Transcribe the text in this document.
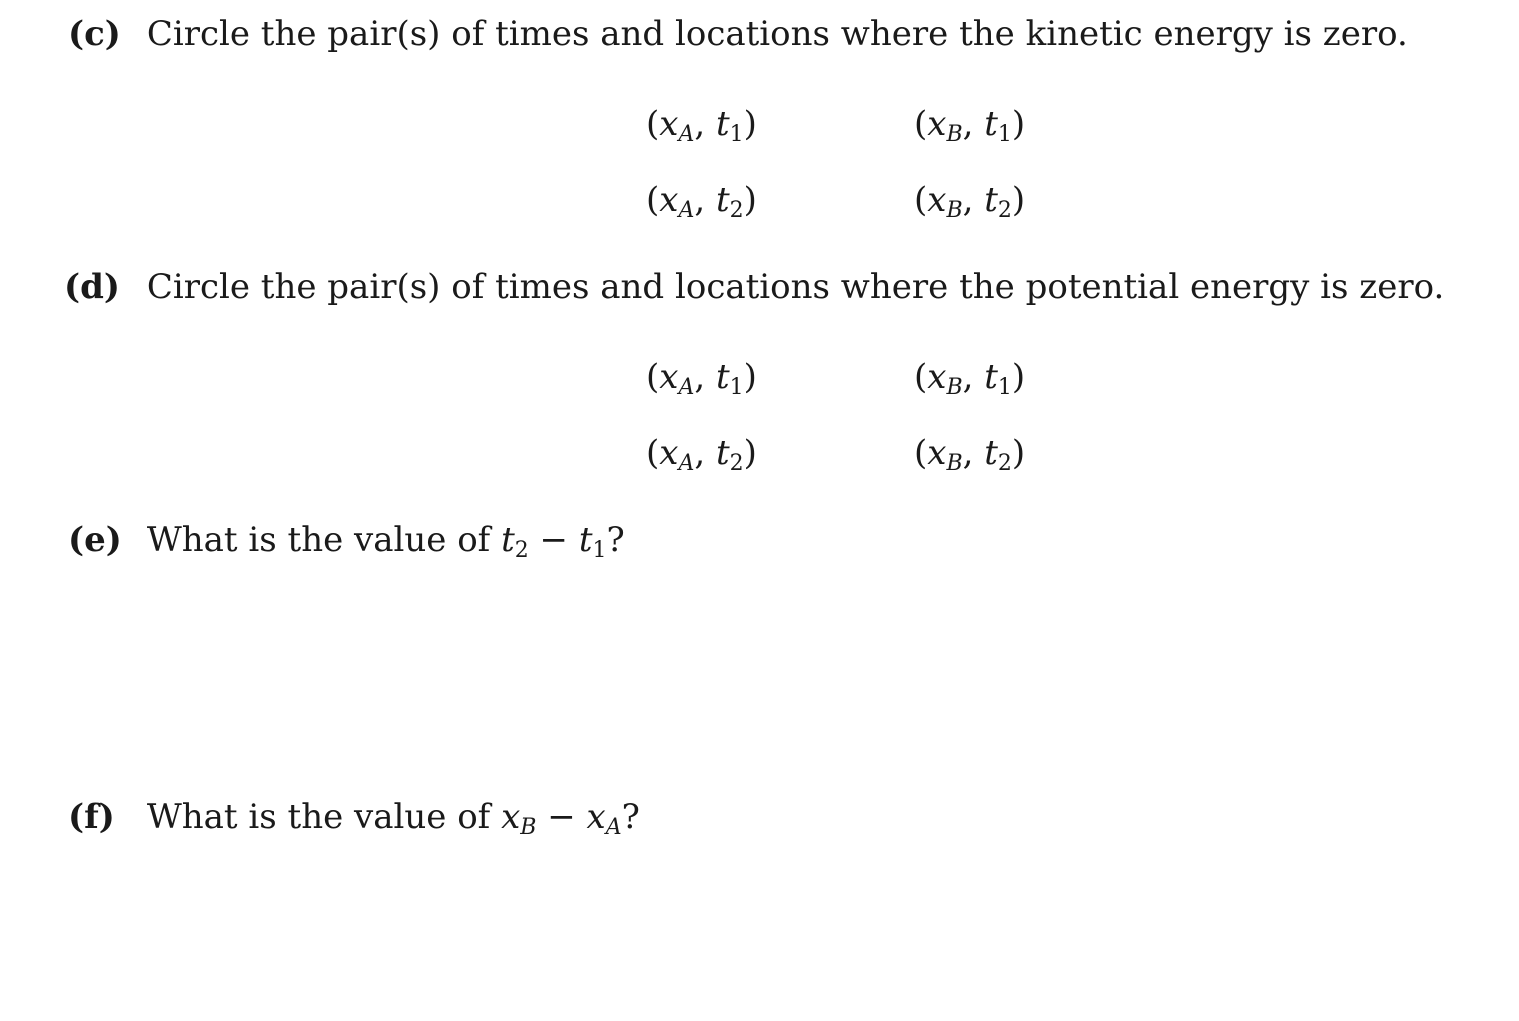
(c) Circle the pair(s) of times and locations where the kinetic energy is zero.
($x_A$, $t_1$)	($x_B$, $t_1$)
($x_A$, $t_2$)	($x_B$, $t_2$)
(d) Circle the pair(s) of times and locations where the potential energy is zero.
($x_A$, $t_1$)	($x_B$, $t_1$)
($x_A$, $t_2$)	($x_B$, $t_2$)
(e) What is the value of $t_2 - t_1$?
(f) What is the value of $x_B - x_A$?
